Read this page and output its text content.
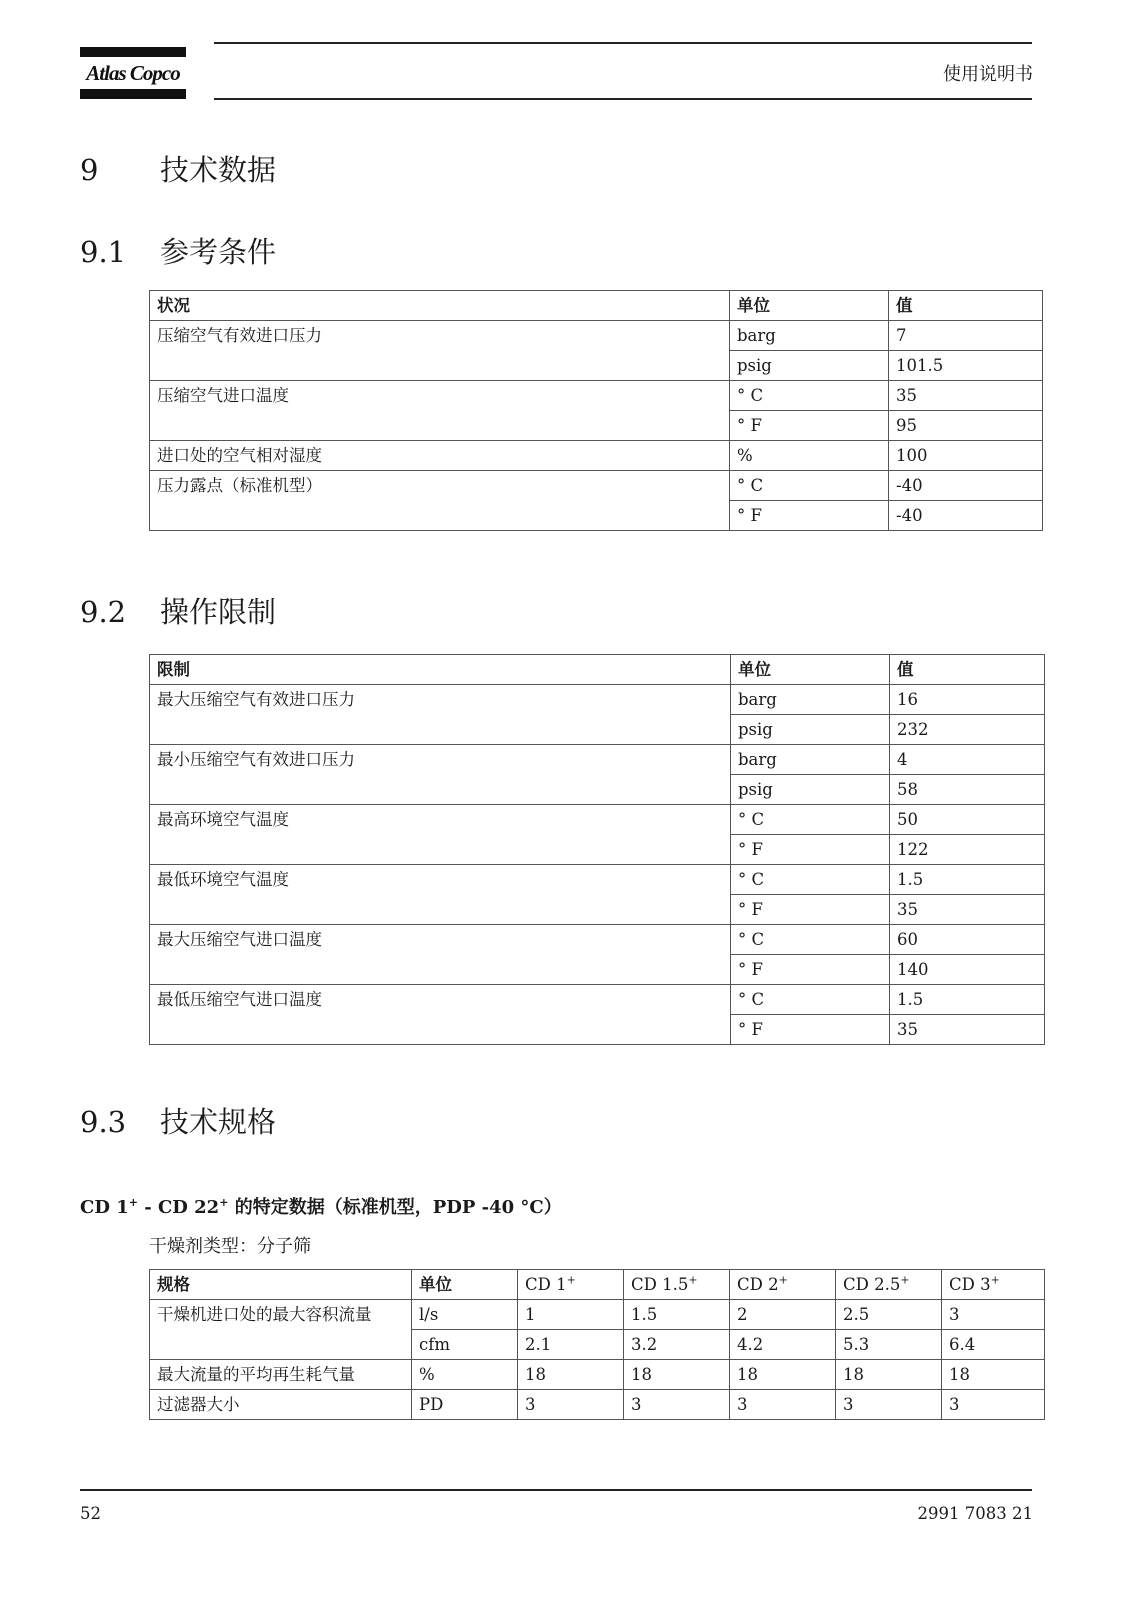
Atlas Copco	使用说明书
9	技术数据
9.1	参考条件
状况	单位	值
压缩空气有效进口压力	barg	7
	psig	101.5
压缩空气进口温度	° C	35
	° F	95
进口处的空气相对湿度	%	100
压力露点（标准机型）	° C	-40
	° F	-40
9.2	操作限制
限制	单位	值
最大压缩空气有效进口压力	barg	16
	psig	232
最小压缩空气有效进口压力	barg	4
	psig	58
最高环境空气温度	° C	50
	° F	122
最低环境空气温度	° C	1.5
	° F	35
最大压缩空气进口温度	° C	60
	° F	140
最低压缩空气进口温度	° C	1.5
	° F	35
9.3	技术规格
CD 1+ - CD 22+ 的特定数据（标准机型，PDP -40 °C）
干燥剂类型：分子筛
规格	单位	CD 1+	CD 1.5+	CD 2+	CD 2.5+	CD 3+
干燥机进口处的最大容积流量	l/s	1	1.5	2	2.5	3
	cfm	2.1	3.2	4.2	5.3	6.4
最大流量的平均再生耗气量	%	18	18	18	18	18
过滤器大小	PD	3	3	3	3	3
52	2991 7083 21
